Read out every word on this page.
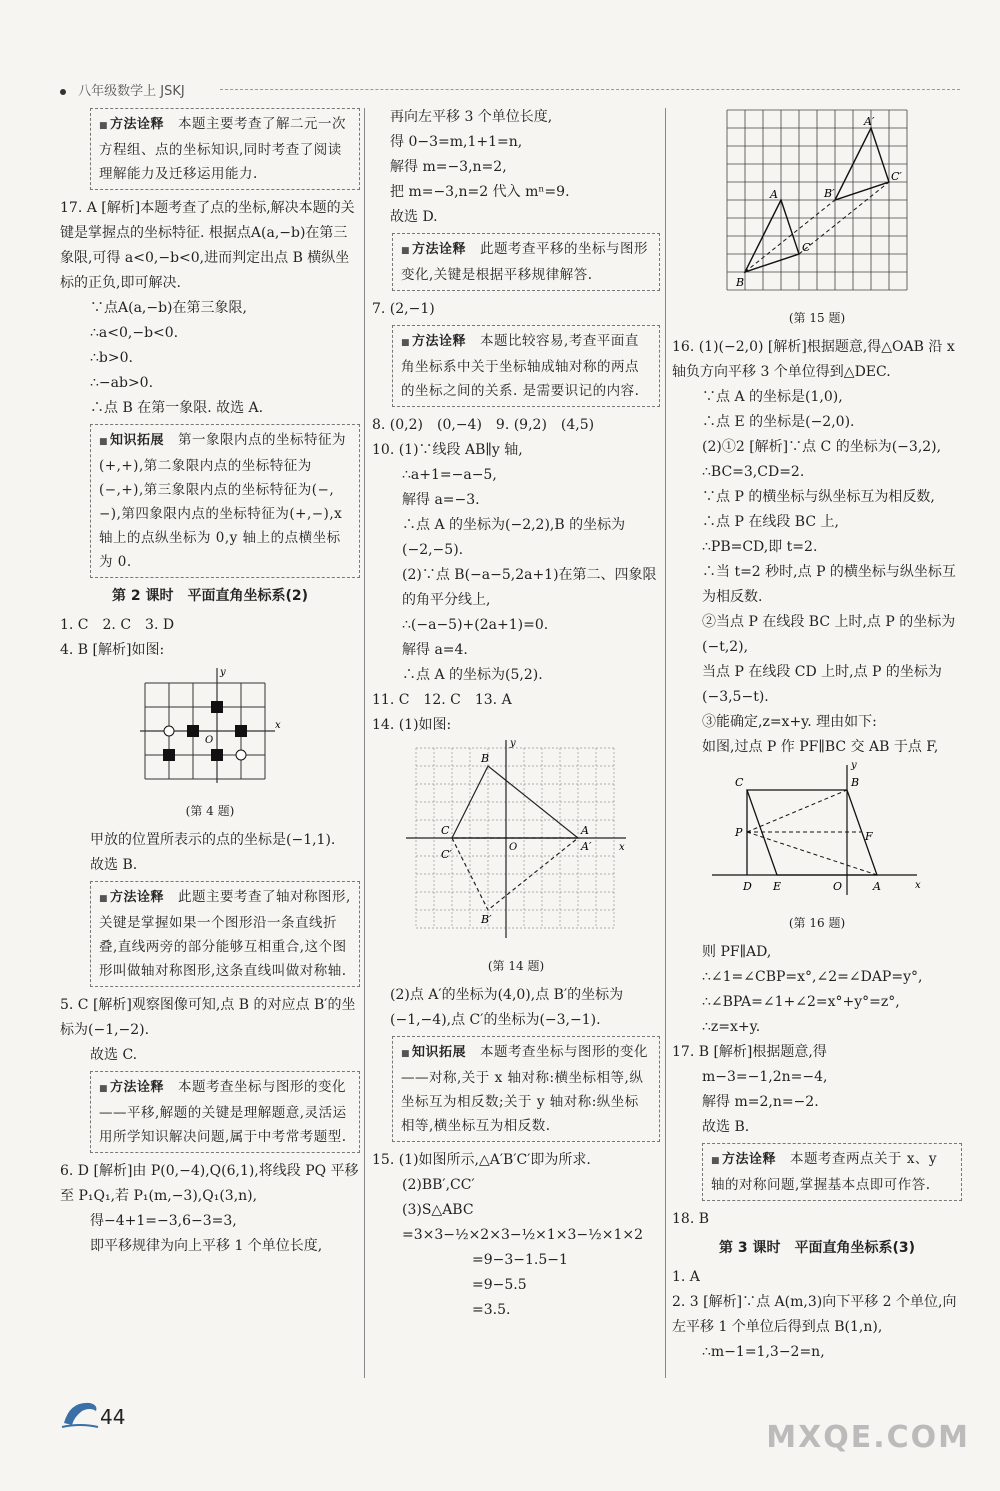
八年级数学上 JSKJ
■ 方法诠释　 本题主要考查了解二元一次方程组、点的坐标知识,同时考查了阅读理解能力及迁移运用能力.
17. A [解析]本题考查了点的坐标,解决本题的关键是掌握点的坐标特征. 根据点A(a,−b)在第三象限,可得 a<0,−b<0,进而判定出点 B 横纵坐标的正负,即可解决.
∵点A(a,−b)在第三象限,
∴a<0,−b<0.
∴b>0.
∴−ab>0.
∴点 B 在第一象限. 故选 A.
■ 知识拓展　 第一象限内点的坐标特征为(+,+),第二象限内点的坐标特征为(−,+),第三象限内点的坐标特征为(−,−),第四象限内点的坐标特征为(+,−),x 轴上的点纵坐标为 0,y 轴上的点横坐标为 0.
第 2 课时　平面直角坐标系(2)
1. C　2. C　3. D
4. B [解析]如图:
y
x
O
(第 4 题)
甲放的位置所表示的点的坐标是(−1,1).
故选 B.
■ 方法诠释　 此题主要考查了轴对称图形,关键是掌握如果一个图形沿一条直线折叠,直线两旁的部分能够互相重合,这个图形叫做轴对称图形,这条直线叫做对称轴.
5. C [解析]观察图像可知,点 B 的对应点 B′的坐标为(−1,−2).
故选 C.
■ 方法诠释　 本题考查坐标与图形的变化——平移,解题的关键是理解题意,灵活运用所学知识解决问题,属于中考常考题型.
6. D [解析]由 P(0,−4),Q(6,1),将线段 PQ 平移至 P₁Q₁,若 P₁(m,−3),Q₁(3,n),
得−4+1=−3,6−3=3,
即平移规律为向上平移 1 个单位长度,
再向左平移 3 个单位长度,
得 0−3=m,1+1=n,
解得 m=−3,n=2,
把 m=−3,n=2 代入 mⁿ=9.
故选 D.
■ 方法诠释　 此题考查平移的坐标与图形变化,关键是根据平移规律解答.
7. (2,−1)
■ 方法诠释　 本题比较容易,考查平面直角坐标系中关于坐标轴成轴对称的两点的坐标之间的关系. 是需要识记的内容.
8. (0,2)　(0,−4)　9. (9,2)　(4,5)
10. (1)∵线段 AB∥y 轴,
∴a+1=−a−5,
解得 a=−3.
∴点 A 的坐标为(−2,2),B 的坐标为(−2,−5).
(2)∵点 B(−a−5,2a+1)在第二、四象限的角平分线上,
∴(−a−5)+(2a+1)=0.
解得 a=4.
∴点 A 的坐标为(5,2).
11. C　12. C　13. A
14. (1)如图:
B
C	A
C′
B′
A′
O
y
x
(第 14 题)
(2)点 A′的坐标为(4,0),点 B′的坐标为(−1,−4),点 C′的坐标为(−3,−1).
■ 知识拓展　 本题考查坐标与图形的变化——对称,关于 x 轴对称:横坐标相等,纵坐标互为相反数;关于 y 轴对称:纵坐标相等,横坐标互为相反数.
15. (1)如图所示,△A′B′C′即为所求.
(2)BB′,CC′
(3)S△ABC =3×3−½×2×3−½×1×3−½×1×2
=9−3−1.5−1
=9−5.5
=3.5.
B
A
C
B′
A′
C′
(第 15 题)
16. (1)(−2,0) [解析]根据题意,得△OAB 沿 x 轴负方向平移 3 个单位得到△DEC.
∵点 A 的坐标是(1,0),
∴点 E 的坐标是(−2,0).
(2)①2 [解析]∵点 C 的坐标为(−3,2),
∴BC=3,CD=2.
∵点 P 的横坐标与纵坐标互为相反数,
∴点 P 在线段 BC 上,
∴PB=CD,即 t=2.
∴当 t=2 秒时,点 P 的横坐标与纵坐标互为相反数.
②当点 P 在线段 BC 上时,点 P 的坐标为(−t,2),
当点 P 在线段 CD 上时,点 P 的坐标为(−3,5−t).
③能确定,z=x+y. 理由如下:
如图,过点 P 作 PF∥BC 交 AB 于点 F,
C	B
P	F
D E	O	A
y
x
(第 16 题)
则 PF∥AD,
∴∠1=∠CBP=x°,∠2=∠DAP=y°,
∴∠BPA=∠1+∠2=x°+y°=z°,
∴z=x+y.
17. B [解析]根据题意,得
m−3=−1,2n=−4,
解得 m=2,n=−2.
故选 B.
■ 方法诠释　 本题考查两点关于 x、y 轴的对称问题,掌握基本点即可作答.
18. B
第 3 课时　平面直角坐标系(3)
1. A
2. 3 [解析]∵点 A(m,3)向下平移 2 个单位,向左平移 1 个单位后得到点 B(1,n),
∴m−1=1,3−2=n,
44
MXQE.COM
